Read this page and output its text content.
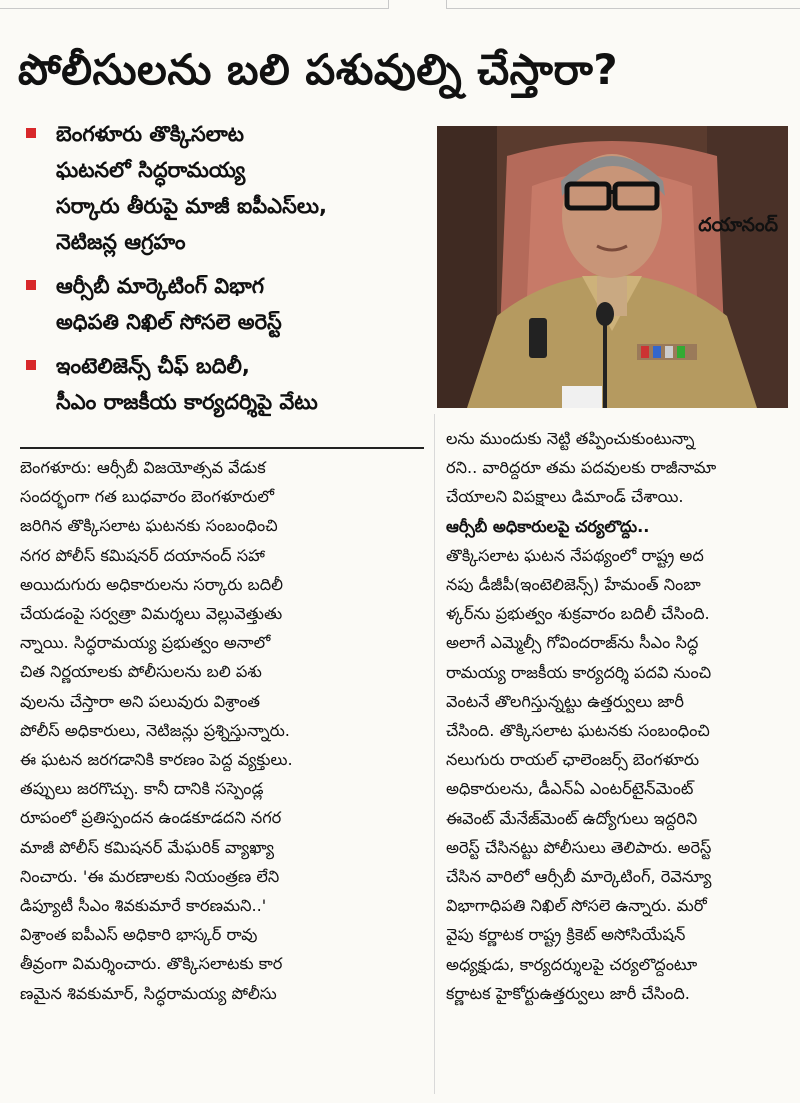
పోలీసులను బలి పశువుల్ని చేస్తారా?
బెంగళూరు తొక్కిసలాట
ఘటనలో సిద్ధరామయ్య
సర్కారు తీరుపై మాజీ ఐపీఎస్‌లు,
నెటిజన్ల ఆగ్రహం
ఆర్సీబీ మార్కెటింగ్ విభాగ
అధిపతి నిఖిల్ సోసలె అరెస్ట్
ఇంటెలిజెన్స్ చీఫ్ బదిలీ,
సీఎం రాజకీయ కార్యదర్శిపై వేటు
దయానంద్
బెంగళూరు: ఆర్సీబీ విజయోత్సవ వేడుక
సందర్భంగా గత బుధవారం బెంగళూరులో
జరిగిన తొక్కిసలాట ఘటనకు సంబంధించి
నగర పోలీస్ కమిషనర్ దయానంద్ సహా
అయిదుగురు అధికారులను సర్కారు బదిలీ
చేయడంపై సర్వత్రా విమర్శలు వెల్లువెత్తుతు
న్నాయి. సిద్ధరామయ్య ప్రభుత్వం అనాలో
చిత నిర్ణయాలకు పోలీసులను బలి పశు
వులను చేస్తారా అని పలువురు విశ్రాంత
పోలీస్ అధికారులు, నెటిజన్లు ప్రశ్నిస్తున్నారు.
ఈ ఘటన జరగడానికి కారణం పెద్ద వ్యక్తులు.
తప్పులు జరగొచ్చు. కానీ దానికి సస్పెండ్ల
రూపంలో ప్రతిస్పందన ఉండకూడదని నగర
మాజీ పోలీస్ కమిషనర్ మేఘరిక్ వ్యాఖ్యా
నించారు. 'ఈ మరణాలకు నియంత్రణ లేని
డిప్యూటీ సీఎం శివకుమారే కారణమని..'
విశ్రాంత ఐపీఎస్ అధికారి భాస్కర్ రావు
తీవ్రంగా విమర్శించారు. తొక్కిసలాటకు కార
ణమైన శివకుమార్, సిద్ధరామయ్య పోలీసు
లను ముందుకు నెట్టి తప్పించుకుంటున్నా
రని.. వారిద్దరూ తమ పదవులకు రాజీనామా
చేయాలని విపక్షాలు డిమాండ్ చేశాయి.
ఆర్సీబీ అధికారులపై చర్యలొద్దు..
తొక్కిసలాట ఘటన నేపథ్యంలో రాష్ట్ర అద
నపు డీజీపీ(ఇంటెలిజెన్స్) హేమంత్ నింబా
ళ్కర్‌ను ప్రభుత్వం శుక్రవారం బదిలీ చేసింది.
అలాగే ఎమ్మెల్సీ గోవిందరాజ్‌ను సీఎం సిద్ధ
రామయ్య రాజకీయ కార్యదర్శి పదవి నుంచి
వెంటనే తొలగిస్తున్నట్టు ఉత్తర్వులు జారీ
చేసింది. తొక్కిసలాట ఘటనకు సంబంధించి
నలుగురు రాయల్ ఛాలెంజర్స్ బెంగళూరు
అధికారులను, డీఎన్ఏ ఎంటర్‌టైన్‌మెంట్
ఈవెంట్ మేనేజ్‌మెంట్ ఉద్యోగులు ఇద్దరిని
అరెస్ట్ చేసినట్టు పోలీసులు తెలిపారు. అరెస్ట్
చేసిన వారిలో ఆర్సీబీ మార్కెటింగ్, రెవెన్యూ
విభాగాధిపతి నిఖిల్ సోసలె ఉన్నారు. మరో
వైపు కర్ణాటక రాష్ట్ర క్రికెట్ అసోసియేషన్
అధ్యక్షుడు, కార్యదర్శులపై చర్యలొద్దంటూ
కర్ణాటక హైకోర్టుఉత్తర్వులు జారీ చేసింది.
